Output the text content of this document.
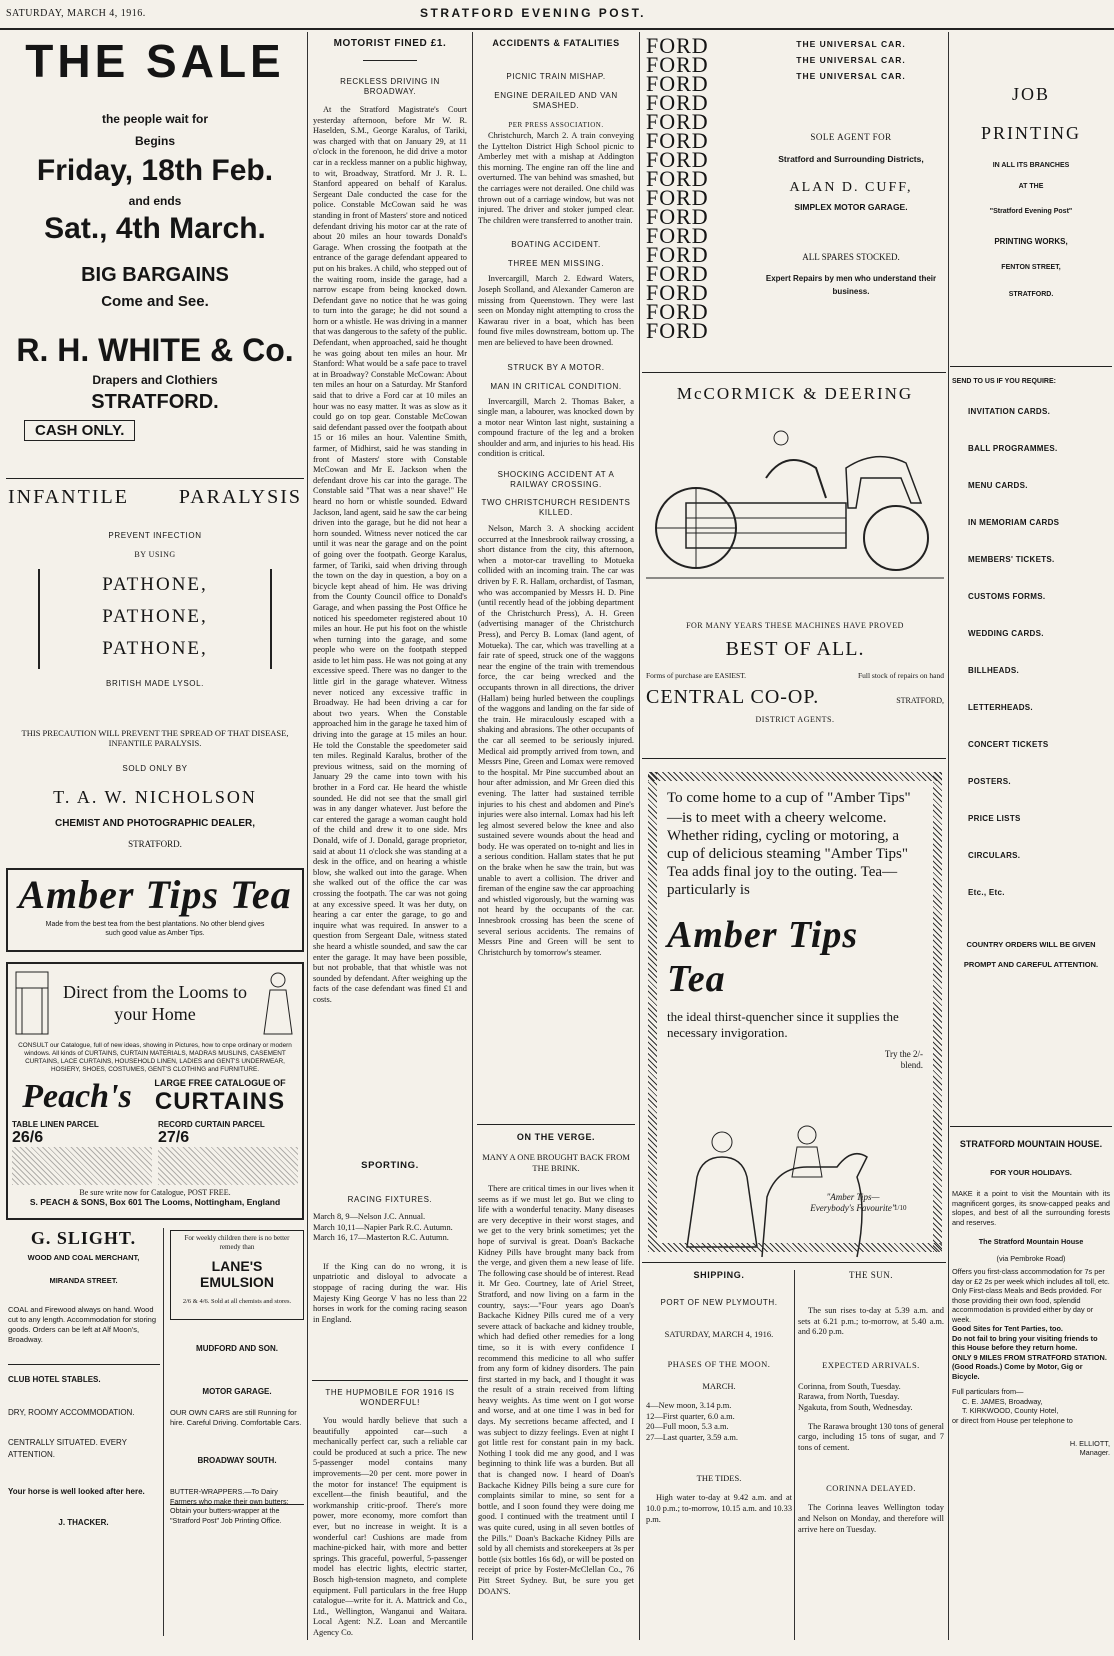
SATURDAY, MARCH 4, 1916.	STRATFORD EVENING POST.
THE SALE
the people wait for
Begins
Friday, 18th Feb.
and ends
Sat., 4th March.
BIG BARGAINS
Come and See.
R. H. WHITE & Co.
Drapers and Clothiers
STRATFORD.
CASH ONLY.
INFANTILE PARALYSIS
PREVENT INFECTION
BY USING
PATHONE,
PATHONE,
PATHONE,
BRITISH MADE LYSOL.
THIS PRECAUTION WILL PREVENT THE SPREAD OF THAT DISEASE, INFANTILE PARALYSIS.
SOLD ONLY BY
T. A. W. NICHOLSON
CHEMIST AND PHOTOGRAPHIC DEALER,
STRATFORD.
Amber Tips Tea
Made from the best tea from the best plantations. No other blend gives such good value as Amber Tips.
Direct from the Looms to your Home
CONSULT our Catalogue, full of new ideas, showing in Pictures, how to cnpe ordinary or modern windows. All kinds of CURTAINS, CURTAIN MATERIALS, MADRAS MUSLINS, CASEMENT CURTAINS, LACE CURTAINS, HOUSEHOLD LINEN, LADIES and GENT'S UNDERWEAR, HOSIERY, SHOES, COSTUMES, GENT'S CLOTHING and FURNITURE.
Peach's	LARGE FREE CATALOGUE OF
CURTAINS
TABLE LINEN PARCEL
26/6
RECORD CURTAIN PARCEL
27/6
Be sure write now for Catalogue, POST FREE.
S. PEACH & SONS, Box 601 The Looms, Nottingham, England
G. SLIGHT.
WOOD AND COAL MERCHANT,
MIRANDA STREET.
COAL and Firewood always on hand. Wood cut to any length. Accommodation for storing goods. Orders can be left at Alf Moon's, Broadway.
CLUB HOTEL STABLES.
DRY, ROOMY ACCOMMODATION.
CENTRALLY SITUATED. EVERY ATTENTION.
Your horse is well looked after here.
J. THACKER.
For weekly children there is no better remedy than
LANE'S EMULSION
2/6 & 4/6. Sold at all chemists and stores.
MUDFORD AND SON.
MOTOR GARAGE.
OUR OWN CARS are still Running for hire. Careful Driving. Comfortable Cars.
BROADWAY SOUTH.
BUTTER-WRAPPERS.—To Dairy Farmers who make their own butters: Obtain your butters-wrapper at the "Stratford Post" Job Printing Office.
MOTORIST FINED £1.
RECKLESS DRIVING IN BROADWAY.

At the Stratford Magistrate's Court yesterday afternoon, before Mr W. R. Haselden, S.M., George Karalus, of Tariki, was charged with that on January 29, at 11 o'clock in the forenoon, he did drive a motor car in a reckless manner on a public highway, to wit, Broadway, Stratford. Mr J. R. L. Stanford appeared on behalf of Karalus. Sergeant Dale conducted the case for the police. Constable McCowan said he was standing in front of Masters' store and noticed defendant driving his motor car at the rate of about 20 miles an hour towards Donald's Garage. When crossing the footpath at the entrance of the garage defendant appeared to put on his brakes. A child, who stepped out of the waiting room, inside the garage, had a narrow escape from being knocked down. Defendant gave no notice that he was going to turn into the garage; he did not sound a horn or a whistle. He was driving in a manner that was dangerous to the safety of the public. Defendant, when approached, said he thought he was going about ten miles an hour. Mr Stanford: What would be a safe pace to travel at in Broadway? Constable McCowan: About ten miles an hour on a Saturday. Mr Stanford said that to drive a Ford car at 10 miles an hour was no easy matter. It was as slow as it could go on top gear. Constable McCowan said defendant passed over the footpath about 15 or 16 miles an hour. Valentine Smith, farmer, of Midhirst, said he was standing in front of Masters' store with Constable McCowan and Mr E. Jackson when the defendant drove his car into the garage. The Constable said "That was a near shave!" He heard no horn or whistle sounded. Edward Jackson, land agent, said he saw the car being driven into the garage, but he did not hear a horn sounded. Witness never noticed the car until it was near the garage and on the point of going over the footpath. George Karalus, farmer, of Tariki, said when driving through the town on the day in question, a boy on a bicycle kept ahead of him. He was driving from the County Council office to Donald's Garage, and when passing the Post Office he noticed his speedometer registered about 10 miles an hour. He put his foot on the whistle when turning into the garage, and some people who were on the footpath stepped aside to let him pass. He was not going at any excessive speed. There was no danger to the little girl in the garage whatever. Witness never noticed any excessive traffic in Broadway. He had been driving a car for about two years. When the Constable approached him in the garage he taxed him of driving into the garage at 15 miles an hour. He told the Constable the speedometer said ten miles. Reginald Karalus, brother of the previous witness, said on the morning of January 29 the came into town with his brother in a Ford car. He heard the whistle sounded. He did not see that the small girl was in any danger whatever. Just before the car entered the garage a woman caught hold of the child and drew it to one side. Mrs Donald, wife of J. Donald, garage proprietor, said at about 11 o'clock she was standing at a desk in the office, and on hearing a whistle blow, she walked out into the garage. When she walked out of the office the car was crossing the footpath. The car was not going at any excessive speed. It was her duty, on hearing a car enter the garage, to go and inquire what was required. In answer to a question from Sergeant Dale, witness stated she heard a whistle sounded, and saw the car enter the garage. It may have been possible, but not probable, that that whistle was not sounded by defendant. After weighing up the facts of the case defendant was fined £1 and costs.

SPORTING.
RACING FIXTURES.
March 8, 9—Nelson J.C. Annual.
March 10,11—Napier Park R.C. Autumn.
March 16, 17—Masterton R.C. Autumn.

If the King can do no wrong, it is unpatriotic and disloyal to advocate a stoppage of racing during the war. His Majesty King George V has no less than 22 horses in work for the coming racing season in England.

THE HUPMOBILE FOR 1916 IS WONDERFUL!

You would hardly believe that such a beautifully appointed car—such a mechanically perfect car, such a reliable car could be produced at such a price. The new 5-passenger model contains many improvements—20 per cent. more power in the motor for instance! The equipment is excellent—the finish beautiful, and the workmanship critic-proof. There's more power, more economy, more comfort than ever, but no increase in weight. It is a wonderful car! Cushions are made from machine-picked hair, with more and better springs. This graceful, powerful, 5-passenger model has electric lights, electric starter, Bosch high-tension magneto, and complete equipment. Full particulars in the free Hupp catalogue—write for it. A. Mattrick and Co., Ltd., Wellington, Wanganui and Waitara. Local Agent: N.Z. Loan and Mercantile Agency Co.

ACCIDENTS & FATALITIES
PICNIC TRAIN MISHAP.
ENGINE DERAILED AND VAN SMASHED.
PER PRESS ASSOCIATION.

Christchurch, March 2. A train conveying the Lyttelton District High School picnic to Amberley met with a mishap at Addington this morning. The engine ran off the line and overturned. The van behind was smashed, but the carriages were not derailed. One child was thrown out of a carriage window, but was not injured. The driver and stoker jumped clear. The children were transferred to another train.

BOATING ACCIDENT.
THREE MEN MISSING.

Invercargill, March 2. Edward Waters, Joseph Scolland, and Alexander Cameron are missing from Queenstown. They were last seen on Monday night attempting to cross the Kawarau river in a boat, which has been found five miles downstream, bottom up. The men are believed to have been drowned.

STRUCK BY A MOTOR.
MAN IN CRITICAL CONDITION.

Invercargill, March 2. Thomas Baker, a single man, a labourer, was knocked down by a motor near Winton last night, sustaining a compound fracture of the leg and a broken shoulder and arm, and injuries to his head. His condition is critical.

SHOCKING ACCIDENT AT A RAILWAY CROSSING.
TWO CHRISTCHURCH RESIDENTS KILLED.

Nelson, March 3. A shocking accident occurred at the Innesbrook railway crossing, a short distance from the city, this afternoon, when a motor-car travelling to Motueka collided with an incoming train. The car was driven by F. R. Hallam, orchardist, of Tasman, who was accompanied by Messrs H. D. Pine (until recently head of the jobbing department of the Christchurch Press), A. H. Green (advertising manager of the Christchurch Press), and Percy B. Lomax (land agent, of Motueka). The car, which was travelling at a fair rate of speed, struck one of the waggons near the engine of the train with tremendous force, the car being wrecked and the occupants thrown in all directions, the driver (Hallam) being hurled between the couplings of the waggons and landing on the far side of the train. He miraculously escaped with a shaking and abrasions. The other occupants of the car all seemed to be seriously injured. Medical aid promptly arrived from town, and Messrs Pine, Green and Lomax were removed to the hospital. Mr Pine succumbed about an hour after admission, and Mr Green died this evening. The latter had sustained terrible injuries to his chest and abdomen and Pine's injuries were also internal. Lomax had his left leg almost severed below the knee and also sustained severe wounds about the head and body. He was operated on to-night and lies in a serious condition. Hallam states that he put on the brake when he saw the train, but was unable to avert a collision. The driver and fireman of the engine saw the car approaching and whistled vigorously, but the warning was not heard by the occupants of the car. Innesbrook crossing has been the scene of several serious accidents. The remains of Messrs Pine and Green will be sent to Christchurch by tomorrow's steamer.

ON THE VERGE.
MANY A ONE BROUGHT BACK FROM THE BRINK.

There are critical times in our lives when it seems as if we must let go. But we cling to life with a wonderful tenacity. Many diseases are very deceptive in their worst stages, and we get to the very brink sometimes; yet the hope of survival is great. Doan's Backache Kidney Pills have brought many back from the verge, and given them a new lease of life. The following case should be of interest. Read it. Mr Geo. Courtney, late of Ariel Street, Stratford, and now living on a farm in the country, says:—"Four years ago Doan's Backache Kidney Pills cured me of a very severe attack of backache and kidney trouble, which had defied other remedies for a long time, so it is with every confidence I recommend this medicine to all who suffer from any form of kidney disorders. The pain first started in my back, and I thought it was the result of a strain received from lifting heavy weights. As time went on I got worse and worse, and at one time I was in bed for days. My secretions became affected, and I was subject to dizzy feelings. Even at night I got little rest for constant pain in my back. Nothing I took did me any good, and I was beginning to think life was a burden. But all that is changed now. I heard of Doan's Backache Kidney Pills being a sure cure for complaints similar to mine, so sent for a bottle, and I soon found they were doing me good. I continued with the treatment until I was quite cured, using in all seven bottles of the Pills." Doan's Backache Kidney Pills are sold by all chemists and storekeepers at 3s per bottle (six bottles 16s 6d), or will be posted on receipt of price by Foster-McClellan Co., 76 Pitt Street Sydney. But, be sure you get DOAN'S.

FORD
FORD
FORD
FORD
FORD
FORD
FORD
FORD
FORD
FORD
FORD
FORD
FORD
FORD
FORD
FORD
THE UNIVERSAL CAR.
THE UNIVERSAL CAR.
THE UNIVERSAL CAR.
SOLE AGENT FOR
Stratford and Surrounding Districts,
ALAN D. CUFF,
SIMPLEX MOTOR GARAGE.
ALL SPARES STOCKED.
Expert Repairs by men who understand their business.
McCORMICK & DEERING
FOR MANY YEARS THESE MACHINES HAVE PROVED
BEST OF ALL.
Forms of purchase are EASIEST.	Full stock of repairs on hand
CENTRAL CO-OP.	STRATFORD,
DISTRICT AGENTS.
To come home to a cup of "Amber Tips"
—is to meet with a cheery welcome. Whether riding, cycling or motoring, a cup of delicious steaming "Amber Tips" Tea adds final joy to the outing. Tea—particularly is
Amber Tips Tea
the ideal thirst-quencher since it supplies the necessary invigoration.
Try the 2/- blend.
"Amber Tips— Everybody's Favourite"
1/10
SHIPPING.
PORT OF NEW PLYMOUTH.
SATURDAY, MARCH 4, 1916.
PHASES OF THE MOON.
MARCH.
4—New moon, 3.14 p.m.
12—First quarter, 6.0 a.m.
20—Full moon, 5.3 a.m.
27—Last quarter, 3.59 a.m.
THE TIDES.

High water to-day at 9.42 a.m. and at 10.0 p.m.; to-morrow, 10.15 a.m. and 10.33 p.m.

THE SUN.

The sun rises to-day at 5.39 a.m. and sets at 6.21 p.m.; to-morrow, at 5.40 a.m. and 6.20 p.m.

EXPECTED ARRIVALS.
Corinna, from South, Tuesday.
Rarawa, from North, Tuesday.
Ngakuta, from South, Wednesday.

The Rarawa brought 130 tons of general cargo, including 15 tons of sugar, and 7 tons of cement.

CORINNA DELAYED.

The Corinna leaves Wellington today and Nelson on Monday, and therefore will arrive here on Tuesday.

JOB
PRINTING
IN ALL ITS BRANCHES
AT THE
"Stratford Evening Post"
PRINTING WORKS,
FENTON STREET,
STRATFORD.
SEND TO US IF YOU REQUIRE:
INVITATION CARDS.
BALL PROGRAMMES.
MENU CARDS.
IN MEMORIAM CARDS
MEMBERS' TICKETS.
CUSTOMS FORMS.
WEDDING CARDS.
BILLHEADS.
LETTERHEADS.
CONCERT TICKETS
POSTERS.
PRICE LISTS
CIRCULARS.
Etc., Etc.
COUNTRY ORDERS WILL BE GIVEN PROMPT AND CAREFUL ATTENTION.
STRATFORD MOUNTAIN HOUSE.
FOR YOUR HOLIDAYS.
MAKE it a point to visit the Mountain with its magnificent gorges, its snow-capped peaks and slopes, and best of all the surrounding forests and reserves.
The Stratford Mountain House
(via Pembroke Road)
Offers you first-class accommodation for 7s per day or £2 2s per week which includes all toll, etc.
Only First-class Meals and Beds provided. For those providing their own food, splendid accommodation is provided either by day or week.
Good Sites for Tent Parties, too.
Do not fail to bring your visiting friends to this House before they return home.
ONLY 9 MILES FROM STRATFORD STATION. (Good Roads.) Come by Motor, Gig or Bicycle.
Full particulars from—
C. E. JAMES, Broadway,
T. KIRKWOOD, County Hotel,
or direct from House per telephone to
H. ELLIOTT,
Manager.
